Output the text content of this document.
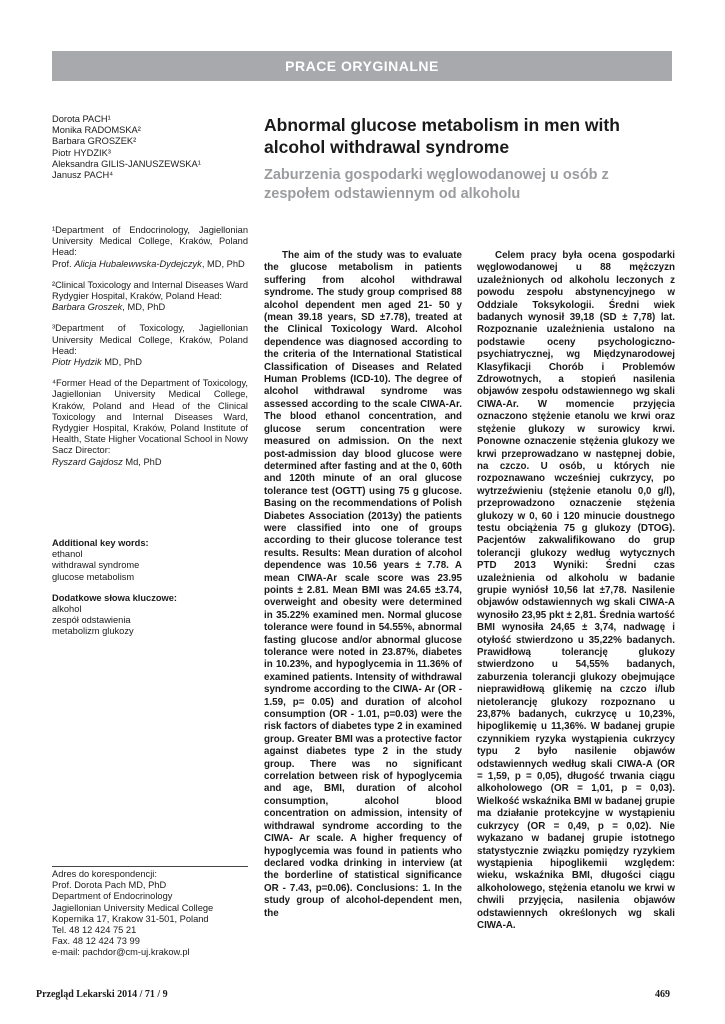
PRACE ORYGINALNE
Dorota PACH¹
Monika RADOMSKA²
Barbara GROSZEK²
Piotr HYDZIK³
Aleksandra GILIS-JANUSZEWSKA¹
Janusz PACH⁴

¹Department of Endocrinology, Jagiellonian University Medical College, Kraków, Poland Head:
Prof. Alicja Hubalewwska-Dydejczyk, MD, PhD

²Clinical Toxicology and Internal Diseases Ward Rydygier Hospital, Kraków, Poland Head:
Barbara Groszek, MD, PhD

³Department of Toxicology, Jagiellonian University Medical College, Kraków, Poland Head:
Piotr Hydzik MD, PhD

⁴Former Head of the Department of Toxicology, Jagiellonian University Medical College, Kraków, Poland and Head of the Clinical Toxicology and Internal Diseases Ward, Rydygier Hospital, Kraków, Poland Institute of Health, State Higher Vocational School in Nowy Sacz Director:
Ryszard Gajdosz Md, PhD

Additional key words:
ethanol
withdrawal syndrome
glucose metabolism
Dodatkowe słowa kluczowe:
alkohol
zespół odstawienia
metabolizm glukozy
Adres do korespondencji:
Prof. Dorota Pach MD, PhD
Department of Endocrinology
Jagiellonian University Medical College
Kopernika 17, Krakow 31-501, Poland
Tel. 48 12 424 75 21
Fax. 48 12 424 73 99
e-mail: pachdor@cm-uj.krakow.pl
Abnormal glucose metabolism in men with alcohol withdrawal syndrome
Zaburzenia gospodarki węglowodanowej u osób z zespołem odstawiennym od alkoholu
The aim of the study was to evaluate the glucose metabolism in patients suffering from alcohol withdrawal syndrome. The study group comprised 88 alcohol dependent men aged 21- 50 y (mean 39.18 years, SD ±7.78), treated at the Clinical Toxicology Ward. Alcohol dependence was diagnosed according to the criteria of the International Statistical Classification of Diseases and Related Human Problems (ICD-10). The degree of alcohol withdrawal syndrome was assessed according to the scale CIWA-Ar. The blood ethanol concentration, and glucose serum concentration were measured on admission. On the next post-admission day blood glucose were determined after fasting and at the 0, 60th and 120th minute of an oral glucose tolerance test (OGTT) using 75 g glucose. Basing on the recommendations of Polish Diabetes Association (2013y) the patients were classified into one of groups according to their glucose tolerance test results. Results: Mean duration of alcohol dependence was 10.56 years ± 7.78. A mean CIWA-Ar scale score was 23.95 points ± 2.81. Mean BMI was 24.65 ±3.74, overweight and obesity were determined in 35.22% examined men. Normal glucose tolerance were found in 54.55%, abnormal fasting glucose and/or abnormal glucose tolerance were noted in 23.87%, diabetes in 10.23%, and hypoglycemia in 11.36% of examined patients. Intensity of withdrawal syndrome according to the CIWA- Ar (OR - 1.59, p= 0.05) and duration of alcohol consumption (OR - 1.01, p=0.03) were the risk factors of diabetes type 2 in examined group. Greater BMI was a protective factor against diabetes type 2 in the study group. There was no significant correlation between risk of hypoglycemia and age, BMI, duration of alcohol consumption, alcohol blood concentration on admission, intensity of withdrawal syndrome according to the CIWA- Ar scale. A higher frequency of hypoglycemia was found in patients who declared vodka drinking in interview (at the borderline of statistical significance OR - 7.43, p=0.06). Conclusions: 1. In the study group of alcohol-dependent men, the
Celem pracy była ocena gospodarki węglowodanowej u 88 mężczyzn uzależnionych od alkoholu leczonych z powodu zespołu abstynencyjnego w Oddziale Toksykologii. Średni wiek badanych wynosił 39,18 (SD ± 7,78) lat. Rozpoznanie uzależnienia ustalono na podstawie oceny psychologiczno-psychiatrycznej, wg Międzynarodowej Klasyfikacji Chorób i Problemów Zdrowotnych, a stopień nasilenia objawów zespołu odstawiennego wg skali CIWA-Ar. W momencie przyjęcia oznaczono stężenie etanolu we krwi oraz stężenie glukozy w surowicy krwi. Ponowne oznaczenie stężenia glukozy we krwi przeprowadzano w następnej dobie, na czczo. U osób, u których nie rozpoznawano wcześniej cukrzycy, po wytrzeźwieniu (stężenie etanolu 0,0 g/l), przeprowadzono oznaczenie stężenia glukozy w 0, 60 i 120 minucie doustnego testu obciążenia 75 g glukozy (DTOG). Pacjentów zakwalifikowano do grup tolerancji glukozy według wytycznych PTD 2013 Wyniki: Średni czas uzależnienia od alkoholu w badanie grupie wyniósł 10,56 lat ±7,78. Nasilenie objawów odstawiennych wg skali CIWA-A wynosiło 23,95 pkt ± 2,81. Średnia wartość BMI wynosiła 24,65 ± 3,74, nadwagę i otyłość stwierdzono u 35,22% badanych. Prawidłową tolerancję glukozy stwierdzono u 54,55% badanych, zaburzenia tolerancji glukozy obejmujące nieprawidłową glikemię na czczo i/lub nietolerancję glukozy rozpoznano u 23,87% badanych, cukrzycę u 10,23%, hipoglikemię u 11,36%. W badanej grupie czynnikiem ryzyka wystąpienia cukrzycy typu 2 było nasilenie objawów odstawiennych według skali CIWA-A (OR = 1,59, p = 0,05), długość trwania ciągu alkoholowego (OR = 1,01, p = 0,03). Wielkość wskaźnika BMI w badanej grupie ma działanie protekcyjne w wystąpieniu cukrzycy (OR = 0,49, p = 0,02). Nie wykazano w badanej grupie istotnego statystycznie związku pomiędzy ryzykiem wystąpienia hipoglikemii względem: wieku, wskaźnika BMI, długości ciągu alkoholowego, stężenia etanolu we krwi w chwili przyjęcia, nasilenia objawów odstawiennych określonych wg skali CIWA-A.
Przegląd Lekarski 2014 / 71 / 9	469
